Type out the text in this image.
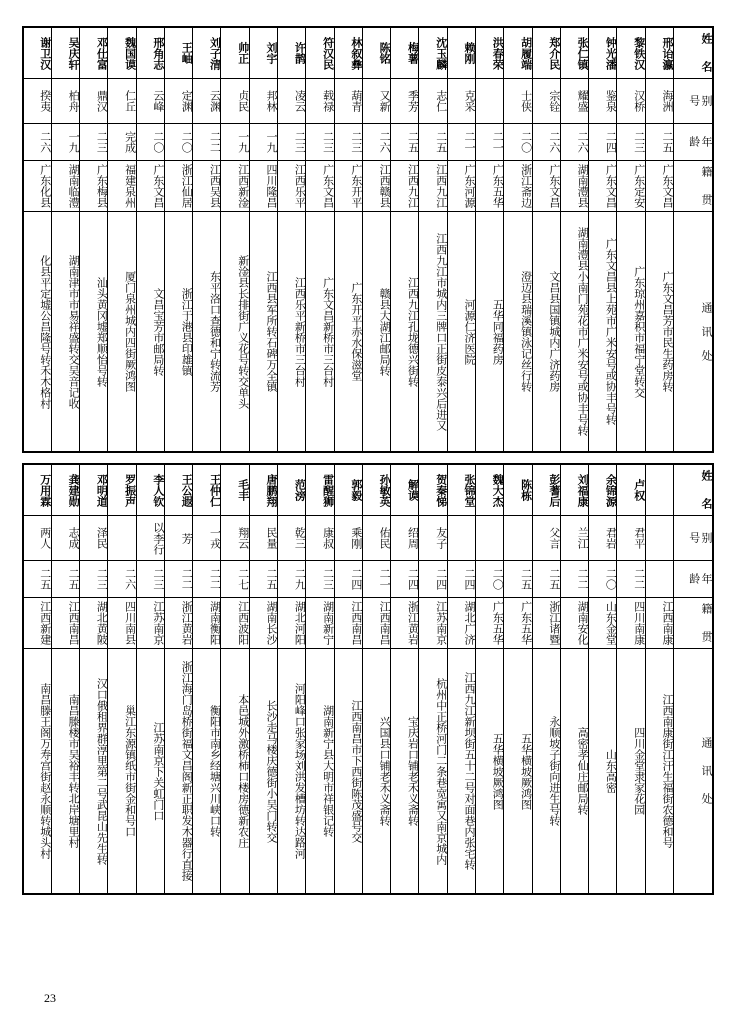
谢卫汉	吴庆轩	邓仕富	魏国谟	邢角志	王岫	刘子清	帅正	刘宇	许鹊	符汉民	林叙彝	陈铭	梅薯	沈玉麟	赖刚	洪春荣	胡履端	郑介民	张仁镇	钟光潘	黎铁汉	邢诒瀛	姓 名
揆夷	柏舟	鼎汉	仁丘	云峰	定渊	云渊	贞民	邦林	凌云	载禄	葫青	又新	季芳	志仁	克采		士侠	宗铨	耀盛	鉴泉	汉桥	海洲	别 号
二六	一九	二三	完成	二〇	二〇	二二	一九	一九	二三	二三	二三	二六	二五	二五	二一	二一	二〇	二六	二六	二四	二三	二五	年 龄
广东化县	湖南临澧	广东梅县	福建泉州	广东文昌	浙江仙居	江西吴县	江西新淦	四川隆昌	江西乐平	广东文昌	广东开平	江西赣县	江西九江	江西九江	广东河源	广东五华	浙江斋边	广东文昌	湖南澧县	广东文昌	广东定安	广东文昌	籍 贯
化县平定墟公昌隆号转禾木格村	湖南津市市易祥盛转交吴音记收	汕头黄冈墟郑顺怡号转	厦门泉州城内四街厥鸿图	文昌宝芳市邮局转	浙江于港县印雄镇	东平洛口查德和宁转流芳	新淦县长排街广义花号转交单头	江西县军所转石碑万全镇	江西乐平新桥市三台村	广东文昌新桥市三台村	广东开平赤水保滋堂	赣县大湖江邮局转	江西九江孔垅德兴街转	江西九江市城内三牌口正街皮泰兴后进又	河源仁济医院	五华同福药房	澄迈县瑞溪镇泳记丝行转	文昌县国镇城内广济药房	湖南澧县小南门苑花市广米安号或协丰号转	广东文昌县上苑市广米安号或协丰号转	广东琼州嘉积市福宁堂转交	广东文昌芳市民生药房转	通 讯 处
万用霖	龚建勋	邓明道	罗振声	李人钦	王公遐	王仲仁	毛丰	唐鹏翔	范滂	雷醒狮	郭毅	孙敏英	解谟	贺秦悌	张锦堂	魏大杰	陈栋	彭蓍后	刘福康	余锦源	卢权		姓 名
两人	志成	泽民		以李行	芳	一戎	翔云	民量	乾三	康叔	乘刚	佑民	绍周	友子				父言	兰江	君岩	君平		别 号
二五	二五	二三	二六	二三	二二	二二	二七	二五	二九	二三	二四	二一	二四	二四	二四	二〇	二五	二五	二二	二〇	二二		年 龄
江西新建	江西南昌	湖北黄陂	四川南县	江苏南京	浙江黄岩	湖南衡阳	江西波阳	湖南长沙	湖北河阳	湖南新宁	江西南昌	江西南昌	浙江黄岩	江苏南京	湖北广济	广东五华	广东五华	浙江诸暨	湖南安化	山东金堂	四川南康	江西南康	籍 贯
南昌滕王阁万寿宫街赵永顺转城头村	南昌滕楼市吴裕丰转北岸塘里村	汉口俄租界群淳里第二号武昆山先生转	巢江东源镇纸市街金和号口	江苏南京下关虹门口	浙江海门岛桥街福文昌阁新正职发木器行直接	衡阳市南乡经塘兴川峡口转	本邑城外激桥柿口楼房德新农庄	长沙走马楼庆德街小吴门转交	河阳峰口张家场刘洪发槽坊转达路河	湖南新宁县大明市祥银记转	江西南昌市下西街陈茂盛号交	兴国县口铺老禾义斋转	宝庆岩口铺老禾义斋转	杭州中正桥河门二条巷宽寓又南京城内	江西九江新坝街五十二号对面巷内张宅转	五华横坡厥鸿图	五华横坡厥鸿图	永顺坡子街向进生号转	高密孝仙庄邮局转	山东高密	四川金堂隶家花园	江西南康街江汗生福街农德和号	通 讯 处
23
